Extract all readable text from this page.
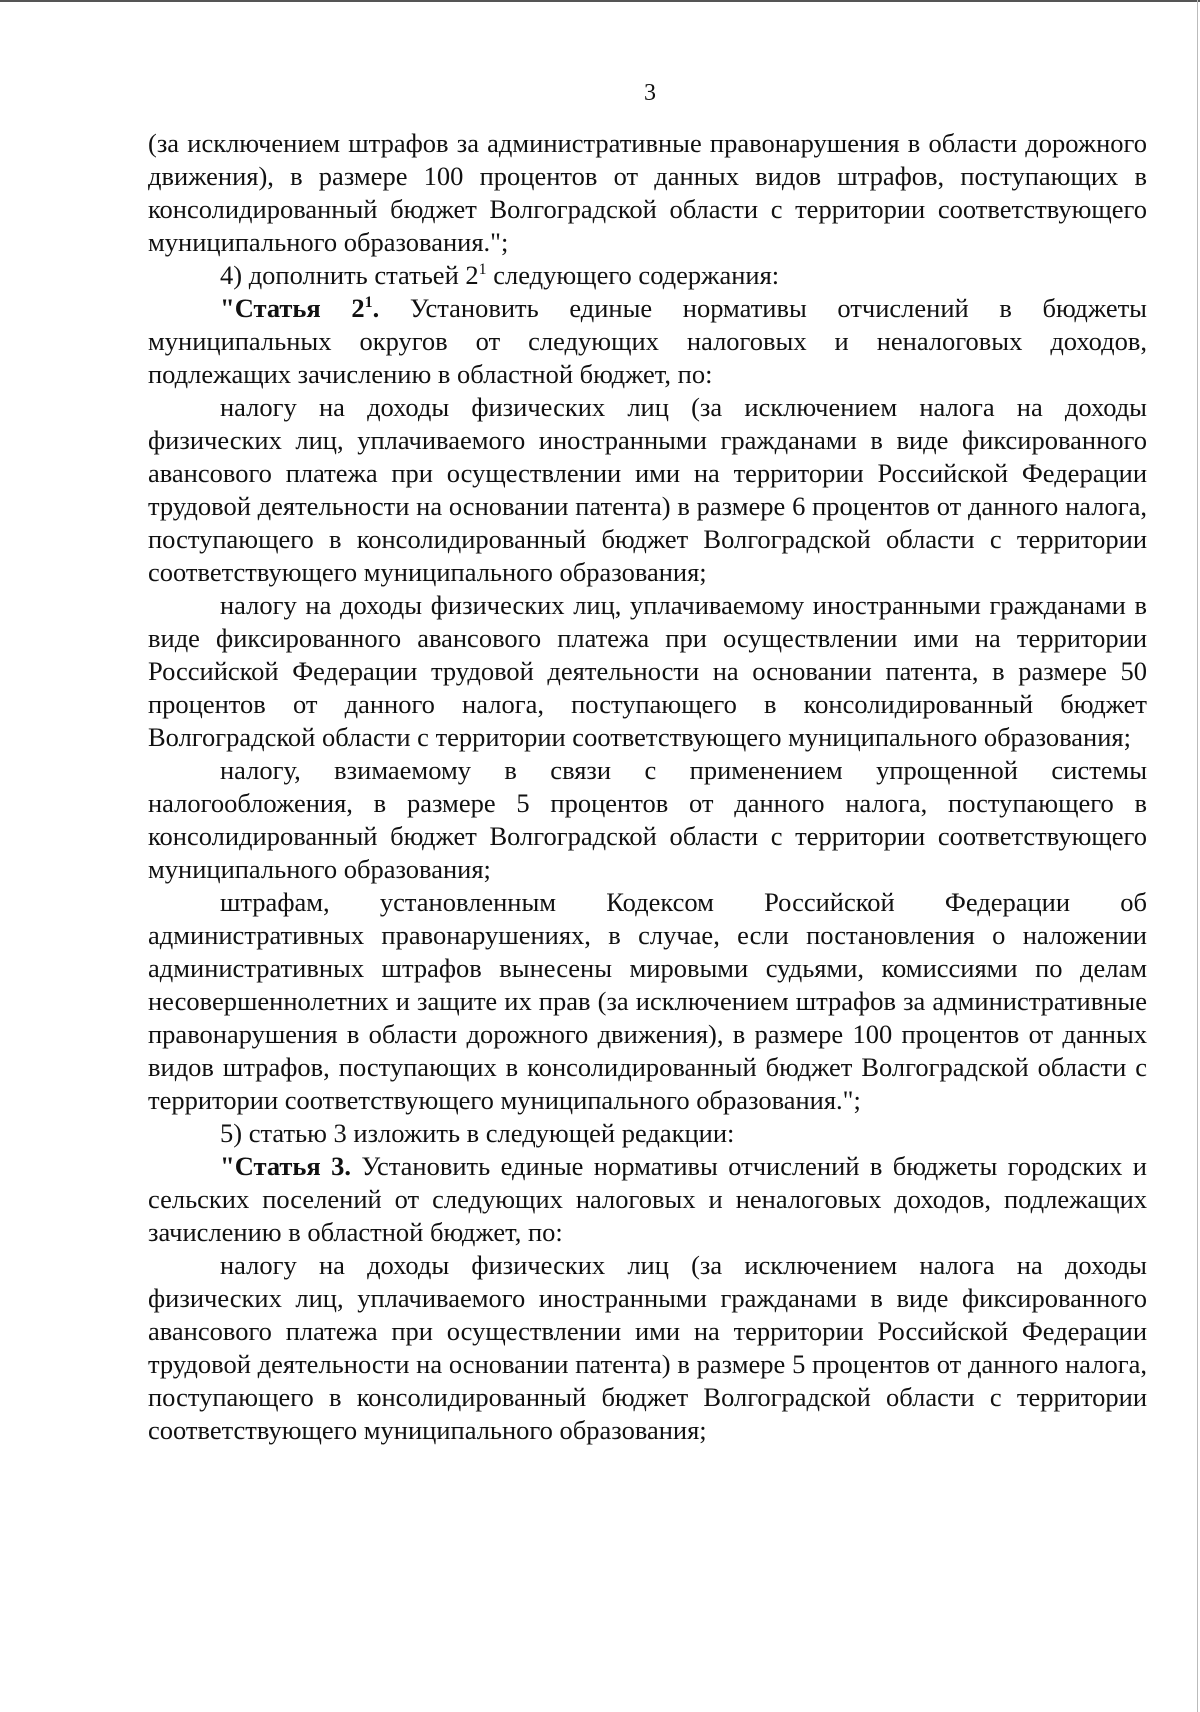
3

(за исключением штрафов за административные правонарушения в области дорожного движения), в размере 100 процентов от данных видов штрафов, поступающих в консолидированный бюджет Волгоградской области с территории соответствующего муниципального образования.";

4) дополнить статьей $2^1$ следующего содержания:

"Статья $2^1$. Установить единые нормативы отчислений в бюджеты муниципальных округов от следующих налоговых и неналоговых доходов, подлежащих зачислению в областной бюджет, по:

налогу на доходы физических лиц (за исключением налога на доходы физических лиц, уплачиваемого иностранными гражданами в виде фиксированного авансового платежа при осуществлении ими на территории Российской Федерации трудовой деятельности на основании патента) в размере 6 процентов от данного налога, поступающего в консолидированный бюджет Волгоградской области с территории соответствующего муниципального образования;

налогу на доходы физических лиц, уплачиваемому иностранными гражданами в виде фиксированного авансового платежа при осуществлении ими на территории Российской Федерации трудовой деятельности на основании патента, в размере 50 процентов от данного налога, поступающего в консолидированный бюджет Волгоградской области с территории соответствующего муниципального образования;

налогу, взимаемому в связи с применением упрощенной системы налогообложения, в размере 5 процентов от данного налога, поступающего в консолидированный бюджет Волгоградской области с территории соответствующего муниципального образования;

штрафам, установленным Кодексом Российской Федерации об административных правонарушениях, в случае, если постановления о наложении административных штрафов вынесены мировыми судьями, комиссиями по делам несовершеннолетних и защите их прав (за исключением штрафов за административные правонарушения в области дорожного движения), в размере 100 процентов от данных видов штрафов, поступающих в консолидированный бюджет Волгоградской области с территории соответствующего муниципального образования.";

5) статью 3 изложить в следующей редакции:

"Статья 3. Установить единые нормативы отчислений в бюджеты городских и сельских поселений от следующих налоговых и неналоговых доходов, подлежащих зачислению в областной бюджет, по:

налогу на доходы физических лиц (за исключением налога на доходы физических лиц, уплачиваемого иностранными гражданами в виде фиксированного авансового платежа при осуществлении ими на территории Российской Федерации трудовой деятельности на основании патента) в размере 5 процентов от данного налога, поступающего в консолидированный бюджет Волгоградской области с территории соответствующего муниципального образования;
